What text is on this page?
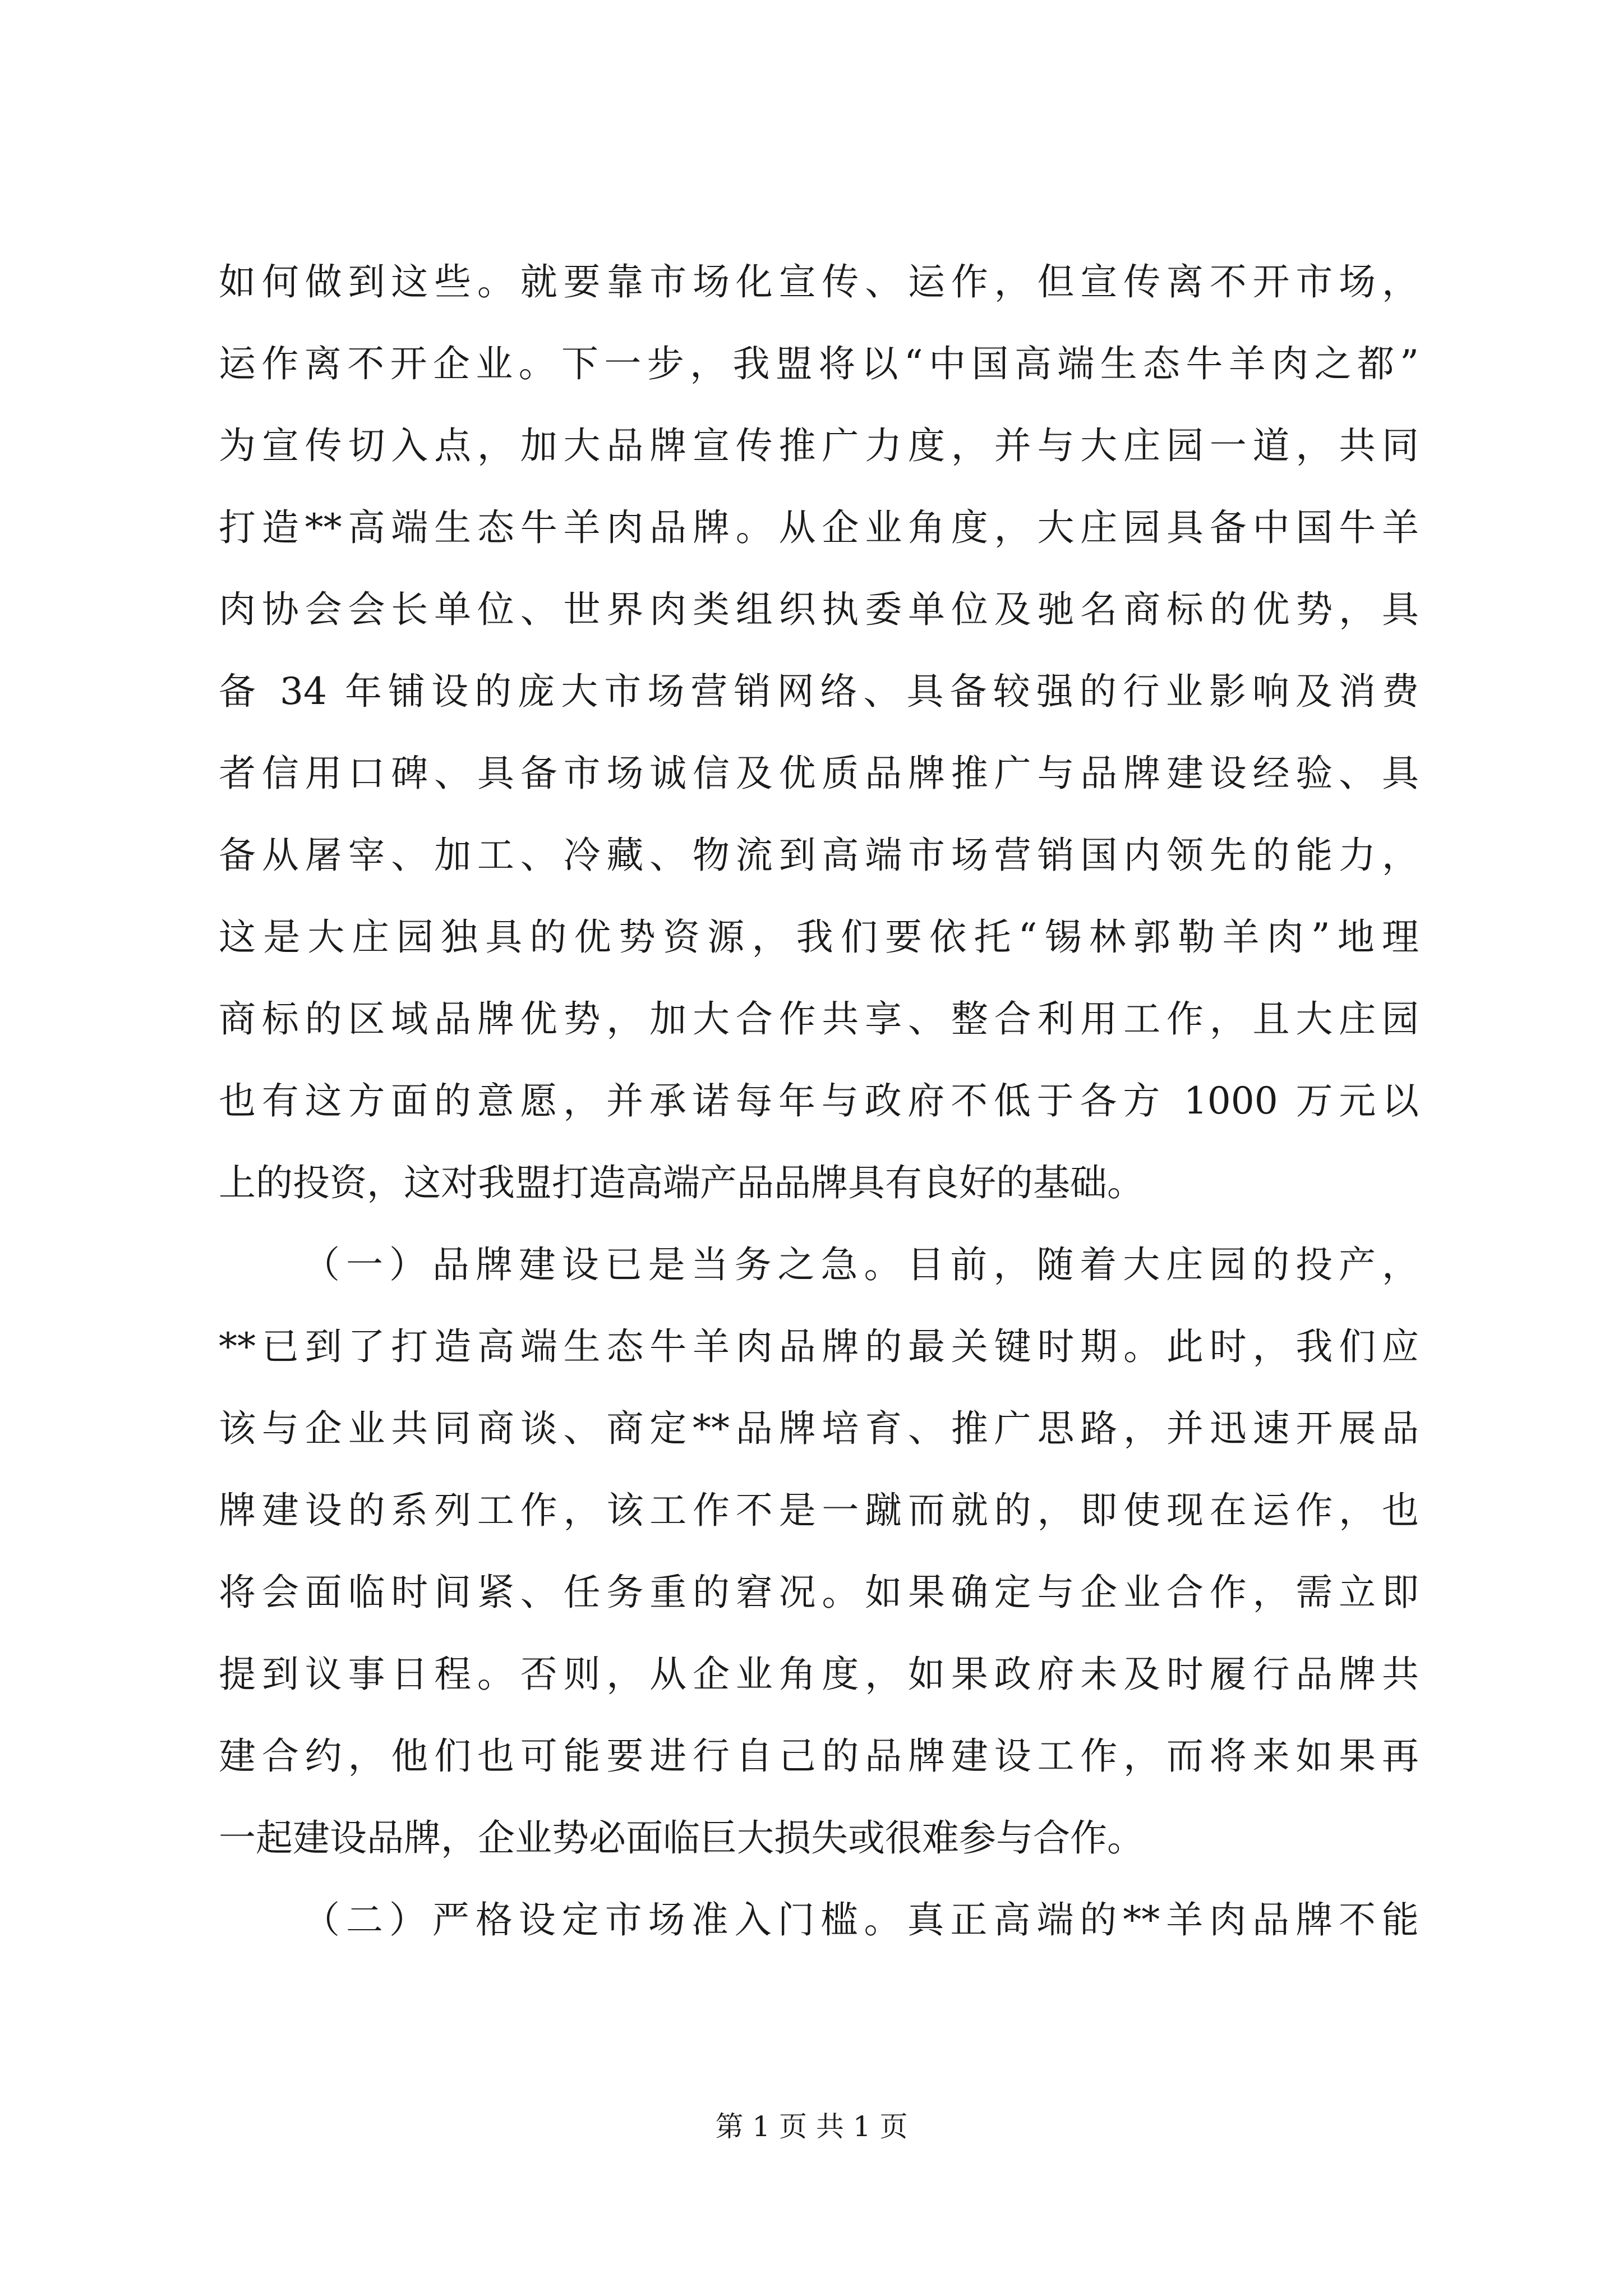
如何做到这些。就要靠市场化宣传、运作，但宣传离不开市场，
运作离不开企业。下一步，我盟将以“中国高端生态牛羊肉之都”
为宣传切入点，加大品牌宣传推广力度，并与大庄园一道，共同
打造**高端生态牛羊肉品牌。从企业角度，大庄园具备中国牛羊
肉协会会长单位、世界肉类组织执委单位及驰名商标的优势，具
备 34 年铺设的庞大市场营销网络、具备较强的行业影响及消费
者信用口碑、具备市场诚信及优质品牌推广与品牌建设经验、具
备从屠宰、加工、冷藏、物流到高端市场营销国内领先的能力，
这是大庄园独具的优势资源，我们要依托“锡林郭勒羊肉”地理
商标的区域品牌优势，加大合作共享、整合利用工作，且大庄园
也有这方面的意愿，并承诺每年与政府不低于各方 1000 万元以
上的投资，这对我盟打造高端产品品牌具有良好的基础。
（一）品牌建设已是当务之急。目前，随着大庄园的投产，
**已到了打造高端生态牛羊肉品牌的最关键时期。此时，我们应
该与企业共同商谈、商定**品牌培育、推广思路，并迅速开展品
牌建设的系列工作，该工作不是一蹴而就的，即使现在运作，也
将会面临时间紧、任务重的窘况。如果确定与企业合作，需立即
提到议事日程。否则，从企业角度，如果政府未及时履行品牌共
建合约，他们也可能要进行自己的品牌建设工作，而将来如果再
一起建设品牌，企业势必面临巨大损失或很难参与合作。
（二）严格设定市场准入门槛。真正高端的**羊肉品牌不能
第 1 页 共 1 页
